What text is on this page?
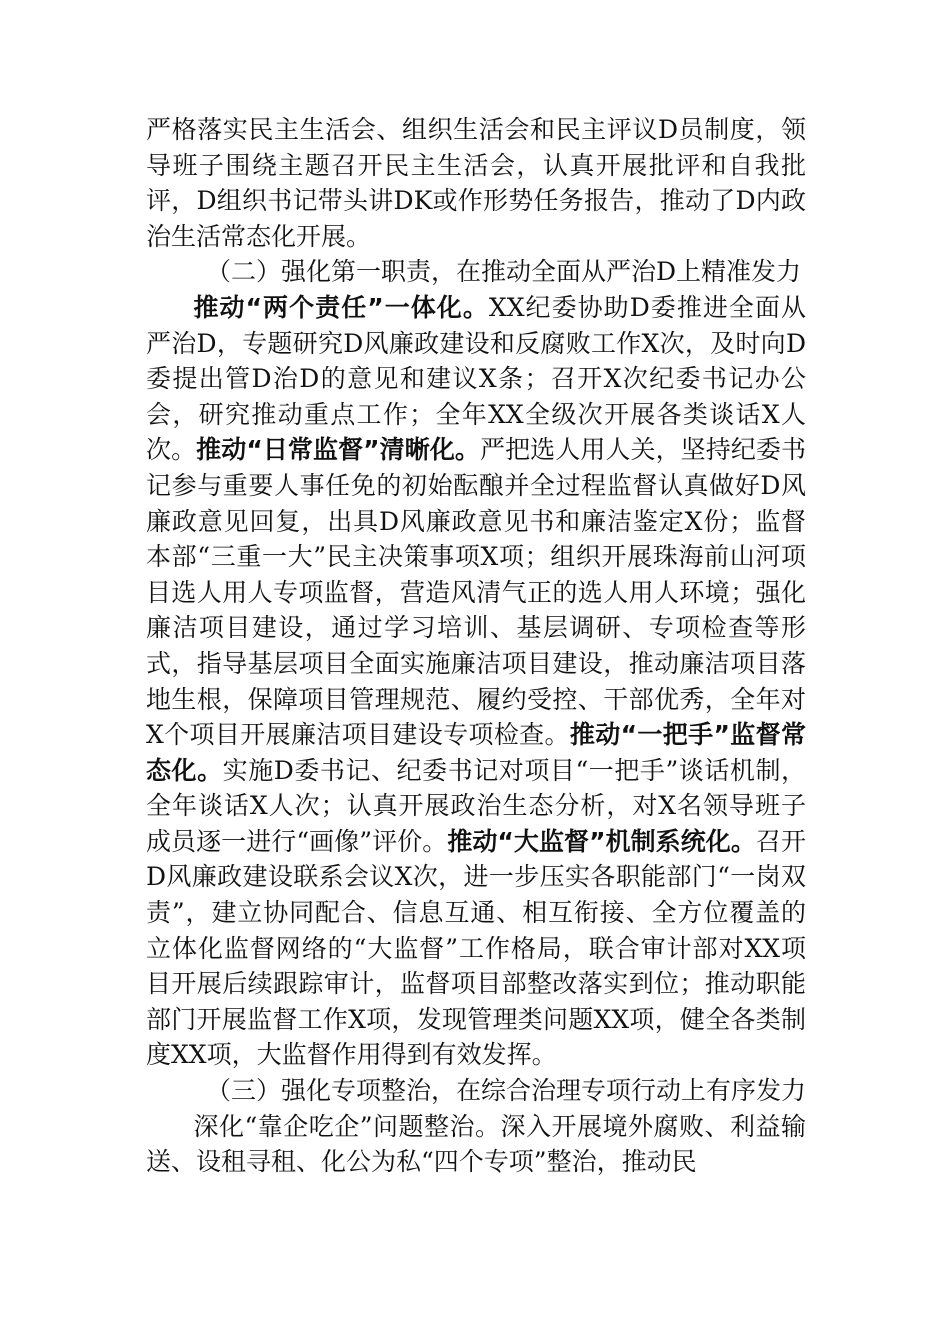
严格落实民主生活会、组织生活会和民主评议D员制度，领导班子围绕主题召开民主生活会，认真开展批评和自我批评，D组织书记带头讲DK或作形势任务报告，推动了D内政治生活常态化开展。

（二）强化第一职责，在推动全面从严治D上精准发力

推动“两个责任”一体化。XX纪委协助D委推进全面从严治D，专题研究D风廉政建设和反腐败工作X次，及时向D委提出管D治D的意见和建议X条；召开X次纪委书记办公会，研究推动重点工作；全年XX全级次开展各类谈话X人次。推动“日常监督”清晰化。严把选人用人关，坚持纪委书记参与重要人事任免的初始酝酿并全过程监督认真做好D风廉政意见回复，出具D风廉政意见书和廉洁鉴定X份；监督本部“三重一大”民主决策事项X项；组织开展珠海前山河项目选人用人专项监督，营造风清气正的选人用人环境；强化廉洁项目建设，通过学习培训、基层调研、专项检查等形式，指导基层项目全面实施廉洁项目建设，推动廉洁项目落地生根，保障项目管理规范、履约受控、干部优秀，全年对X个项目开展廉洁项目建设专项检查。推动“一把手”监督常态化。实施D委书记、纪委书记对项目“一把手”谈话机制，全年谈话X人次；认真开展政治生态分析，对X名领导班子成员逐一进行“画像”评价。推动“大监督”机制系统化。召开D风廉政建设联系会议X次，进一步压实各职能部门“一岗双责”，建立协同配合、信息互通、相互衔接、全方位覆盖的立体化监督网络的“大监督”工作格局，联合审计部对XX项目开展后续跟踪审计，监督项目部整改落实到位；推动职能部门开展监督工作X项，发现管理类问题XX项，健全各类制度XX项，大监督作用得到有效发挥。

（三）强化专项整治，在综合治理专项行动上有序发力

深化“靠企吃企”问题整治。深入开展境外腐败、利益输送、设租寻租、化公为私“四个专项”整治，推动民
